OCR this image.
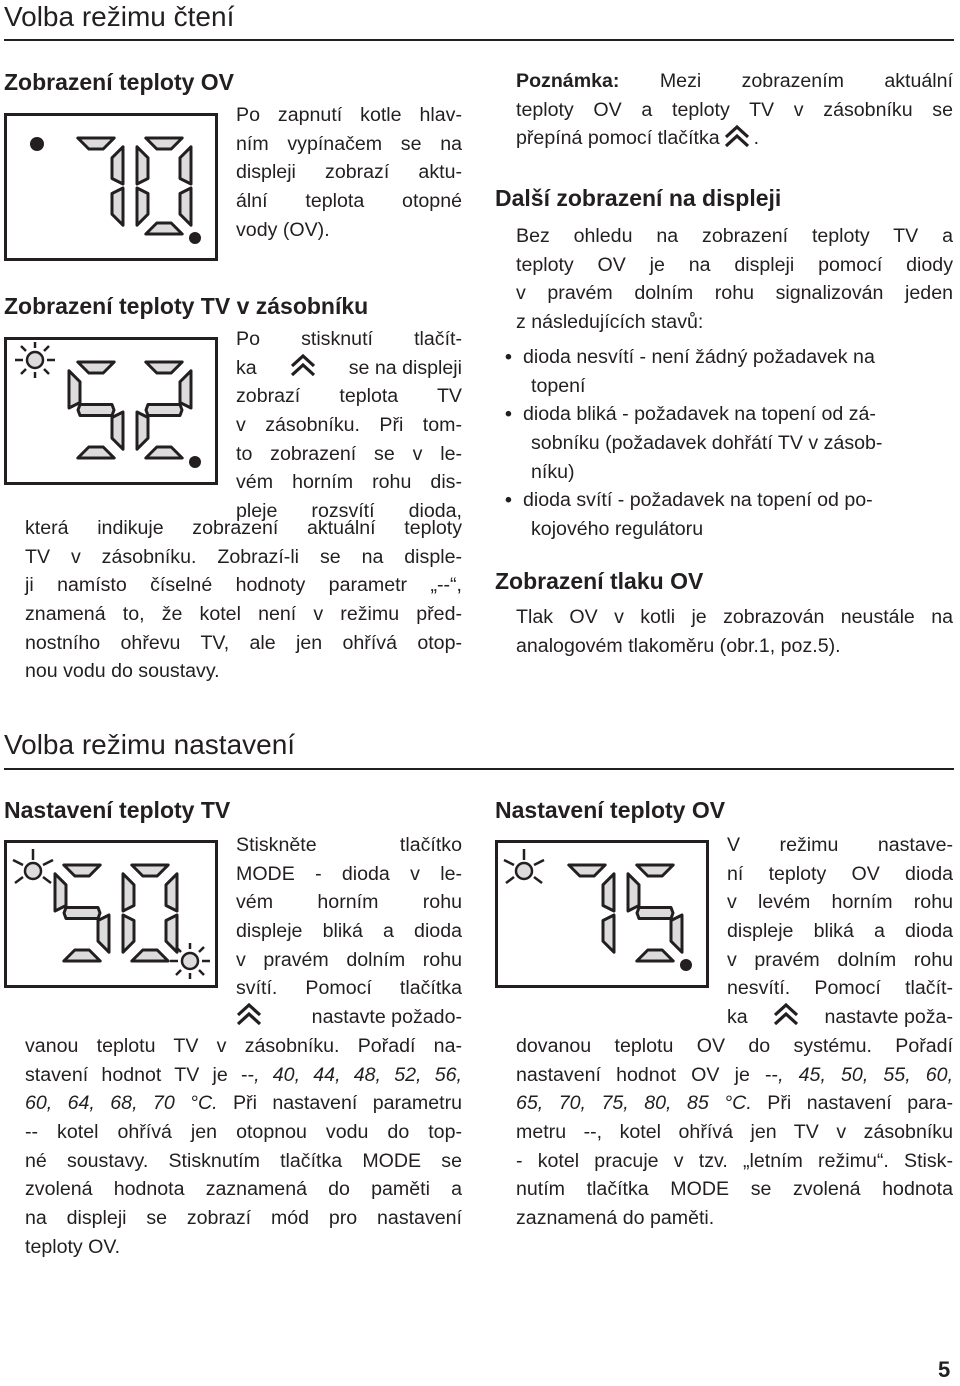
Volba režimu čtení
Zobrazení teploty OV
Po zapnutí kotle hlav-
ním vypínačem se na
displeji zobrazí aktu-
ální teplota otopné
vody (OV).
Zobrazení teploty TV v zásobníku
Po stisknutí tlačít-
ka	se na displeji
zobrazí teplota TV
v zásobníku. Při tom-
to zobrazení se v le-
vém horním rohu dis-
pleje rozsvítí dioda,
která indikuje zobrazení aktuální teploty
TV v zásobníku. Zobrazí-li se na disple-
ji namísto číselné hodnoty parametr „--“,
znamená to, že kotel není v režimu před-
nostního ohřevu TV, ale jen ohřívá otop-
nou vodu do soustavy.
Poznámka: Mezi zobrazením aktuální
teploty OV a teploty TV v zásobníku se
přepíná pomocí tlačítka .
Další zobrazení na displeji
Bez ohledu na zobrazení teploty TV a
teploty OV je na displeji pomocí diody
v pravém dolním rohu signalizován jeden
z následujících stavů:
• dioda nesvítí - není žádný požadavek na
topení
• dioda bliká - požadavek na topení od zá-
sobníku (požadavek dohřátí TV v zásob-
níku)
• dioda svítí - požadavek na topení od po-
kojového regulátoru
Zobrazení tlaku OV
Tlak OV v kotli je zobrazován neustále na
analogovém tlakoměru (obr.1, poz.5).
Volba režimu nastavení
Nastavení teploty TV
Stiskněte tlačítko
MODE - dioda v le-
vém horním rohu
displeje bliká a dioda
v pravém dolním rohu
svítí. Pomocí tlačítka
nastavte požado-
vanou teplotu TV v zásobníku. Pořadí na-
stavení hodnot TV je --, 40, 44, 48, 52, 56,
60, 64, 68, 70 °C. Při nastavení parametru
-- kotel ohřívá jen otopnou vodu do top-
né soustavy. Stisknutím tlačítka MODE se
zvolená hodnota zaznamená do paměti a
na displeji se zobrazí mód pro nastavení
teploty OV.
Nastavení teploty OV
V režimu nastave-
ní teploty OV dioda
v levém horním rohu
displeje bliká a dioda
v pravém dolním rohu
nesvítí. Pomocí tlačít-
ka	nastavte poža-
dovanou teplotu OV do systému. Pořadí
nastavení hodnot OV je --, 45, 50, 55, 60,
65, 70, 75, 80, 85 °C. Při nastavení para-
metru --, kotel ohřívá jen TV v zásobníku
- kotel pracuje v tzv. „letním režimu“. Stisk-
nutím tlačítka MODE se zvolená hodnota
zaznamená do paměti.
5
